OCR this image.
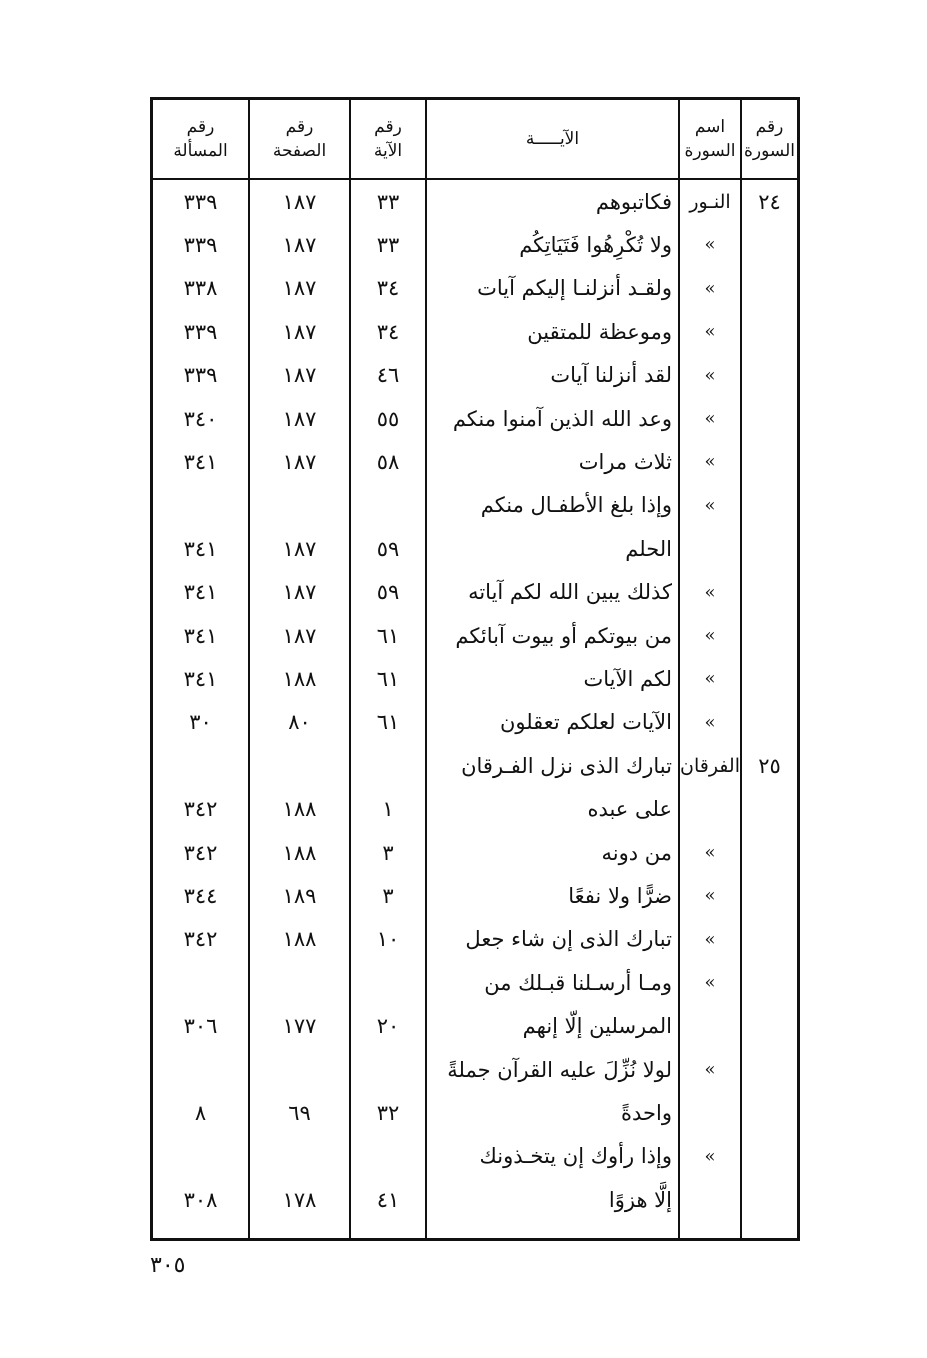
رقم
السورة
اسم
السورة
الآيـــــة
رقم
الآية
رقم
الصفحة
رقم
المسألة
٢٤
النـور
فكاتبوهم
٣٣
١٨٧
٣٣٩
»
ولا تُكْرِهُوا فَتَيَاتِكُم
٣٣
١٨٧
٣٣٩
»
ولقـد أنزلنـا إليكم آيات
٣٤
١٨٧
٣٣٨
»
وموعظة للمتقين
٣٤
١٨٧
٣٣٩
»
لقد أنزلنا آيات
٤٦
١٨٧
٣٣٩
»
وعد الله الذين آمنوا منكم
٥٥
١٨٧
٣٤٠
»
ثلاث مرات
٥٨
١٨٧
٣٤١
»
وإذا بلغ الأطفـال منكم
الحلم
٥٩
١٨٧
٣٤١
»
كذلك يبين الله لكم آياته
٥٩
١٨٧
٣٤١
»
من بيوتكم أو بيوت آبائكم
٦١
١٨٧
٣٤١
»
لكم الآيات
٦١
١٨٨
٣٤١
»
الآيات لعلكم تعقلون
٦١
٨٠
٣٠
٢٥
الفرقان
تبارك الذى نزل الفـرقان
على عبده
١
١٨٨
٣٤٢
»
من دونه
٣
١٨٨
٣٤٢
»
ضرًّا ولا نفعًا
٣
١٨٩
٣٤٤
»
تبارك الذى إن شاء جعل
١٠
١٨٨
٣٤٢
»
ومـا أرسـلنا قبـلك من
المرسلين إلّا إنهم
٢٠
١٧٧
٣٠٦
»
لولا نُزِّلَ عليه القرآن جملةً
واحدةً
٣٢
٦٩
٨
»
وإذا رأوك إن يتخـذونك
إلَّا هزوًا
٤١
١٧٨
٣٠٨
٣٠٥
